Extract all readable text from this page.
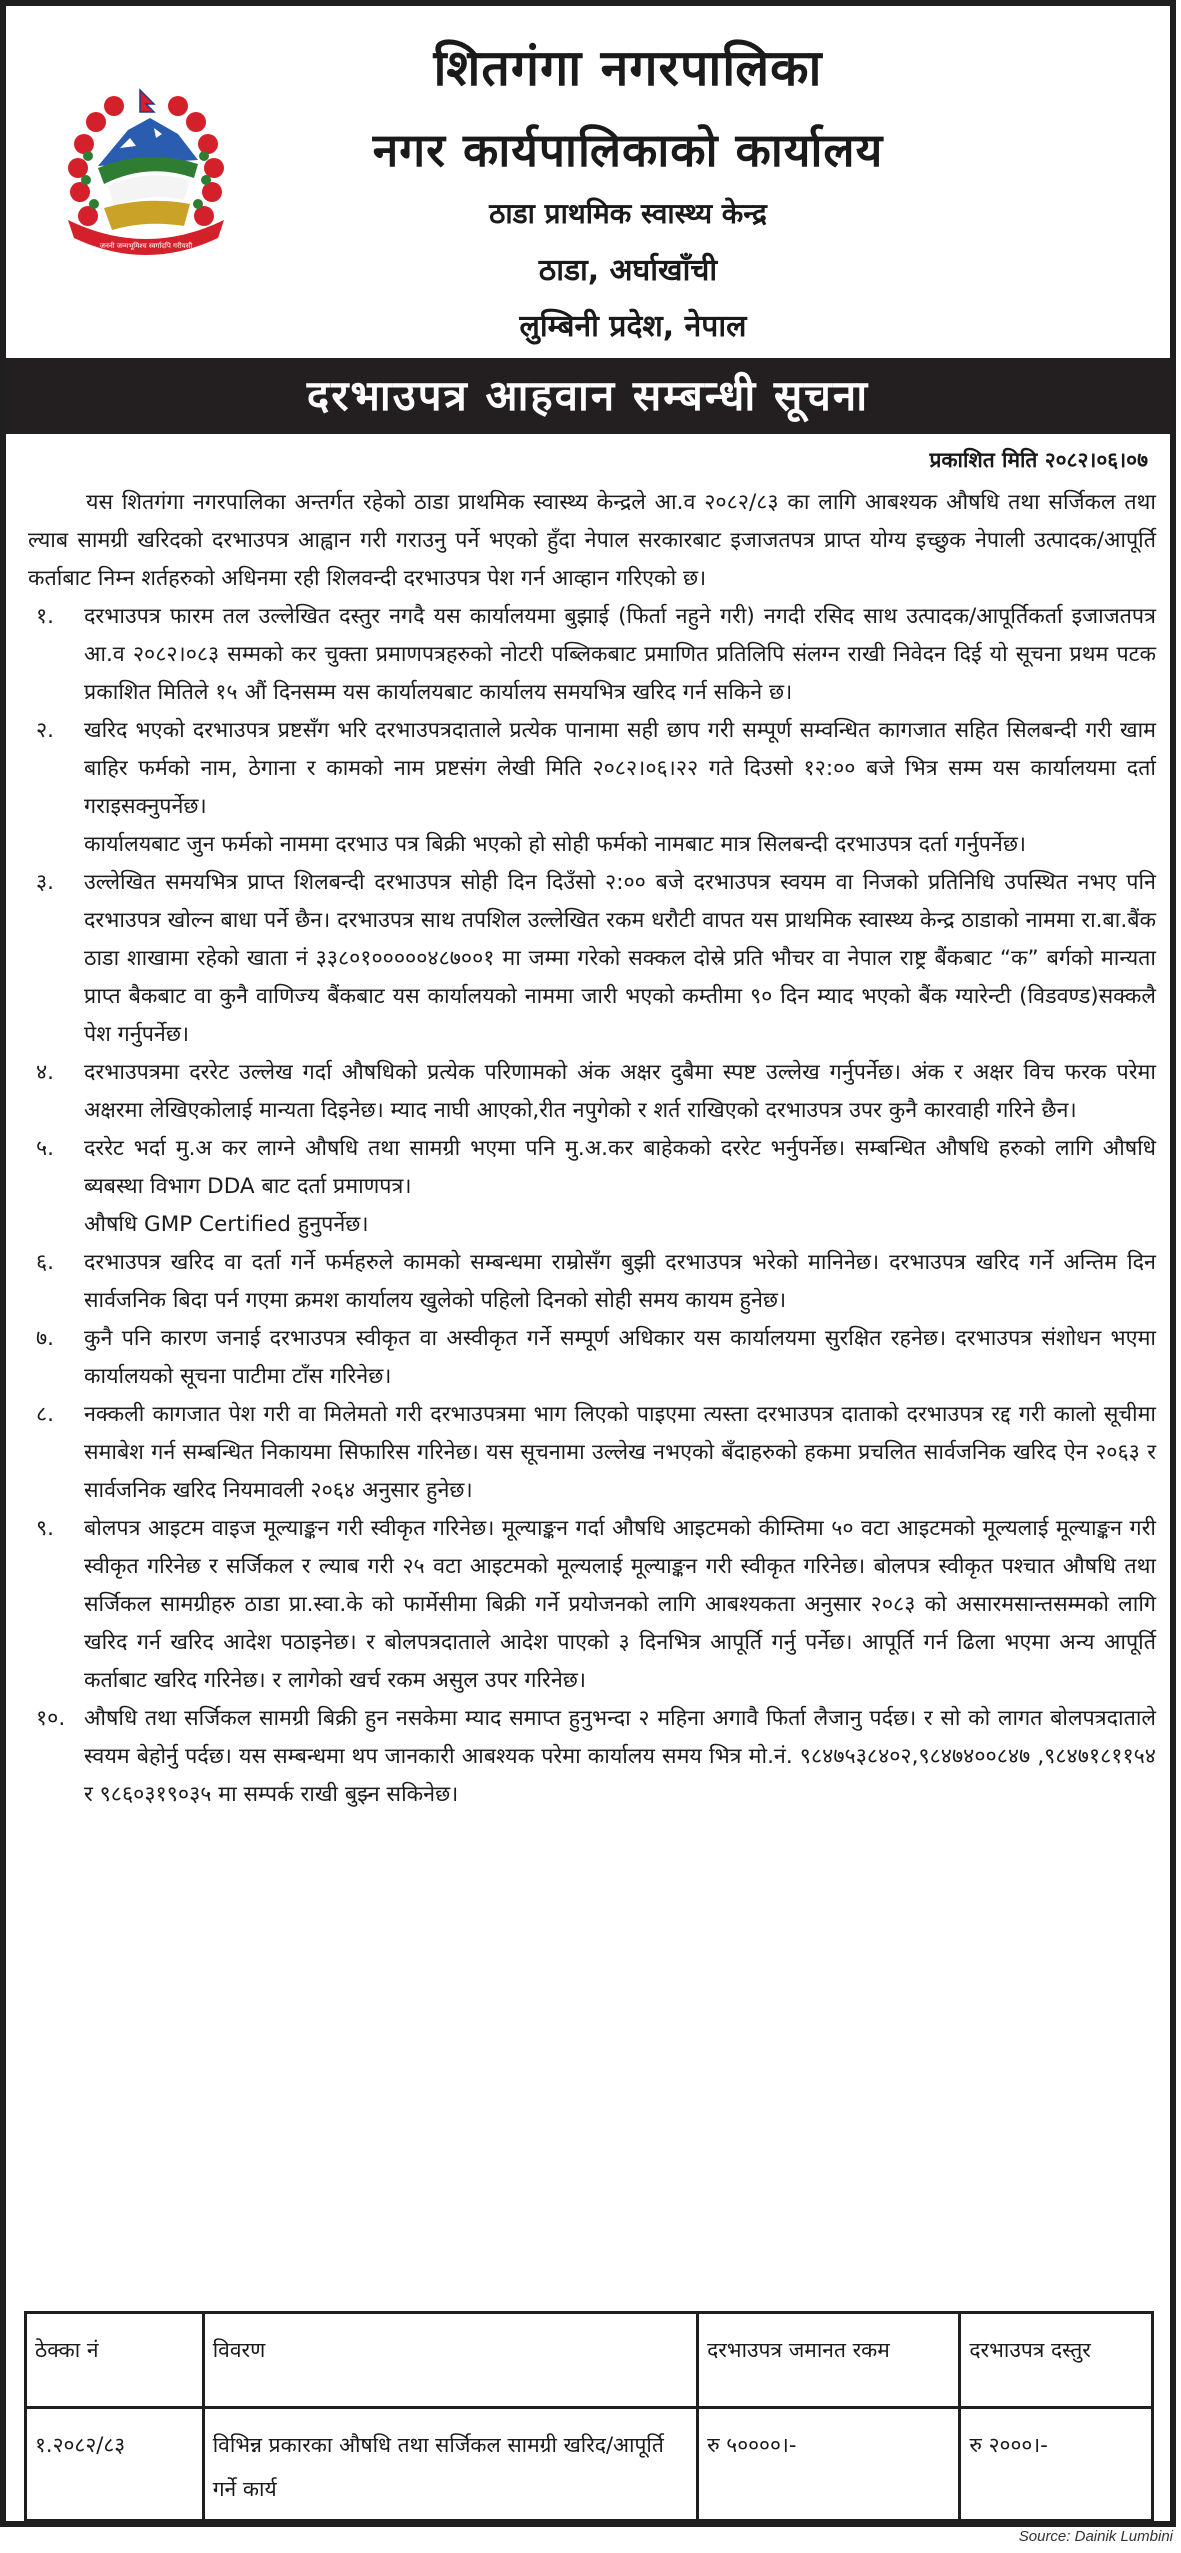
जननी जन्मभूमिश्च स्वर्गादपि गरीयसी
शितगंगा नगरपालिका
नगर कार्यपालिकाको कार्यालय
ठाडा प्राथमिक स्वास्थ्य केन्द्र
ठाडा, अर्घाखाँची
लुम्बिनी प्रदेश, नेपाल
दरभाउपत्र आहवान सम्बन्धी सूचना
प्रकाशित मिति २०८२।०६।०७

यस शितगंगा नगरपालिका अन्तर्गत रहेको ठाडा प्राथमिक स्वास्थ्य केन्द्रले आ.व २०८२/८३ का लागि आबश्यक औषधि तथा सर्जिकल तथा ल्याब सामग्री खरिदको दरभाउपत्र आह्वान गरी गराउनु पर्ने भएको हुँदा नेपाल सरकारबाट इजाजतपत्र प्राप्त योग्य इच्छुक नेपाली उत्पादक/आपूर्ति कर्ताबाट निम्न शर्तहरुको अधिनमा रही शिलवन्दी दरभाउपत्र पेश गर्न आव्हान गरिएको छ।

१.	दरभाउपत्र फारम तल उल्लेखित दस्तुर नगदै यस कार्यालयमा बुझाई (फिर्ता नहुने गरी) नगदी रसिद साथ उत्पादक/आपूर्तिकर्ता इजाजतपत्र आ.व २०८२।०८३ सम्मको कर चुक्ता प्रमाणपत्रहरुको नोटरी पब्लिकबाट प्रमाणित प्रतिलिपि संलग्न राखी निवेदन दिई यो सूचना प्रथम पटक प्रकाशित मितिले १५ औं दिनसम्म यस कार्यालयबाट कार्यालय समयभित्र खरिद गर्न सकिने छ।

२.	खरिद भएको दरभाउपत्र प्रष्टसँग भरि दरभाउपत्रदाताले प्रत्येक पानामा सही छाप गरी सम्पूर्ण सम्वन्धित कागजात सहित सिलबन्दी गरी खाम बाहिर फर्मको नाम, ठेगाना र कामको नाम प्रष्टसंग लेखी मिति २०८२।०६।२२ गते दिउसो १२:०० बजे भित्र सम्म यस कार्यालयमा दर्ता गराइसक्नुपर्नेछ।

कार्यालयबाट जुन फर्मको नाममा दरभाउ पत्र बिक्री भएको हो सोही फर्मको नामबाट मात्र सिलबन्दी दरभाउपत्र दर्ता गर्नुपर्नेछ।

३.	उल्लेखित समयभित्र प्राप्त शिलबन्दी दरभाउपत्र सोही दिन दिउँसो २:०० बजे दरभाउपत्र स्वयम वा निजको प्रतिनिधि उपस्थित नभए पनि दरभाउपत्र खोल्न बाधा पर्ने छैन। दरभाउपत्र साथ तपशिल उल्लेखित रकम धरौटी वापत यस प्राथमिक स्वास्थ्य केन्द्र ठाडाको नाममा रा.बा.बैंक ठाडा शाखामा रहेको खाता नं ३३८०१०००००४८७००१ मा जम्मा गरेको सक्कल दोस्रे प्रति भौचर वा नेपाल राष्ट्र बैंकबाट “क” बर्गको मान्यता प्राप्त बैकबाट वा कुनै वाणिज्य बैंकबाट यस कार्यालयको नाममा जारी भएको कम्तीमा ९० दिन म्याद भएको बैंक ग्यारेन्टी (विडवण्ड)सक्कलै पेश गर्नुपर्नेछ।

४.	दरभाउपत्रमा दररेट उल्लेख गर्दा औषधिको प्रत्येक परिणामको अंक अक्षर दुबैमा स्पष्ट उल्लेख गर्नुपर्नेछ। अंक र अक्षर विच फरक परेमा अक्षरमा लेखिएकोलाई मान्यता दिइनेछ। म्याद नाघी आएको,रीत नपुगेको र शर्त राखिएको दरभाउपत्र उपर कुनै कारवाही गरिने छैन।

५.	दररेट भर्दा मु.अ कर लाग्ने औषधि तथा सामग्री भएमा पनि मु.अ.कर बाहेकको दररेट भर्नुपर्नेछ। सम्बन्धित औषधि हरुको लागि औषधि ब्यबस्था विभाग DDA बाट दर्ता प्रमाणपत्र।

औषधि GMP Certified हुनुपर्नेछ।

६.	दरभाउपत्र खरिद वा दर्ता गर्ने फर्महरुले कामको सम्बन्धमा राम्रोसँग बुझी दरभाउपत्र भरेको मानिनेछ। दरभाउपत्र खरिद गर्ने अन्तिम दिन सार्वजनिक बिदा पर्न गएमा क्रमश कार्यालय खुलेको पहिलो दिनको सोही समय कायम हुनेछ।

७.	कुनै पनि कारण जनाई दरभाउपत्र स्वीकृत वा अस्वीकृत गर्ने सम्पूर्ण अधिकार यस कार्यालयमा सुरक्षित रहनेछ। दरभाउपत्र संशोधन भएमा कार्यालयको सूचना पाटीमा टाँस गरिनेछ।

८.	नक्कली कागजात पेश गरी वा मिलेमतो गरी दरभाउपत्रमा भाग लिएको पाइएमा त्यस्ता दरभाउपत्र दाताको दरभाउपत्र रद्द गरी कालो सूचीमा समाबेश गर्न सम्बन्धित निकायमा सिफारिस गरिनेछ। यस सूचनामा उल्लेख नभएको बँदाहरुको हकमा प्रचलित सार्वजनिक खरिद ऐन २०६३ र सार्वजनिक खरिद नियमावली २०६४ अनुसार हुनेछ।

९.	बोलपत्र आइटम वाइज मूल्याङ्कन गरी स्वीकृत गरिनेछ। मूल्याङ्कन गर्दा औषधि आइटमको कीम्तिमा ५० वटा आइटमको मूल्यलाई मूल्याङ्कन गरी स्वीकृत गरिनेछ र सर्जिकल र ल्याब गरी २५ वटा आइटमको मूल्यलाई मूल्याङ्कन गरी स्वीकृत गरिनेछ। बोलपत्र स्वीकृत पश्चात औषधि तथा सर्जिकल सामग्रीहरु ठाडा प्रा.स्वा.के को फार्मेसीमा बिक्री गर्ने प्रयोजनको लागि आबश्यकता अनुसार २०८३ को असारमसान्तसम्मको लागि खरिद गर्न खरिद आदेश पठाइनेछ। र बोलपत्रदाताले आदेश पाएको ३ दिनभित्र आपूर्ति गर्नु पर्नेछ। आपूर्ति गर्न ढिला भएमा अन्य आपूर्ति कर्ताबाट खरिद गरिनेछ। र लागेको खर्च रकम असुल उपर गरिनेछ।

१०. औषधि तथा सर्जिकल सामग्री बिक्री हुन नसकेमा म्याद समाप्त हुनुभन्दा २ महिना अगावै फिर्ता लैजानु पर्दछ। र सो को लागत बोलपत्रदाताले स्वयम बेहोर्नु पर्दछ। यस सम्बन्धमा थप जानकारी आबश्यक परेमा कार्यालय समय भित्र मो.नं. ९८४७५३८४०२,९८४७४००८४७ ,९८४७१८११५४ र ९८६०३१९०३५ मा सम्पर्क राखी बुझ्न सकिनेछ।

ठेक्का नं	विवरण	दरभाउपत्र जमानत रकम	दरभाउपत्र दस्तुर
१.२०८२/८३	विभिन्न प्रकारका औषधि तथा सर्जिकल सामग्री खरिद/आपूर्ति गर्ने कार्य	रु ५००००।-	रु २०००।-
Source: Dainik Lumbini
